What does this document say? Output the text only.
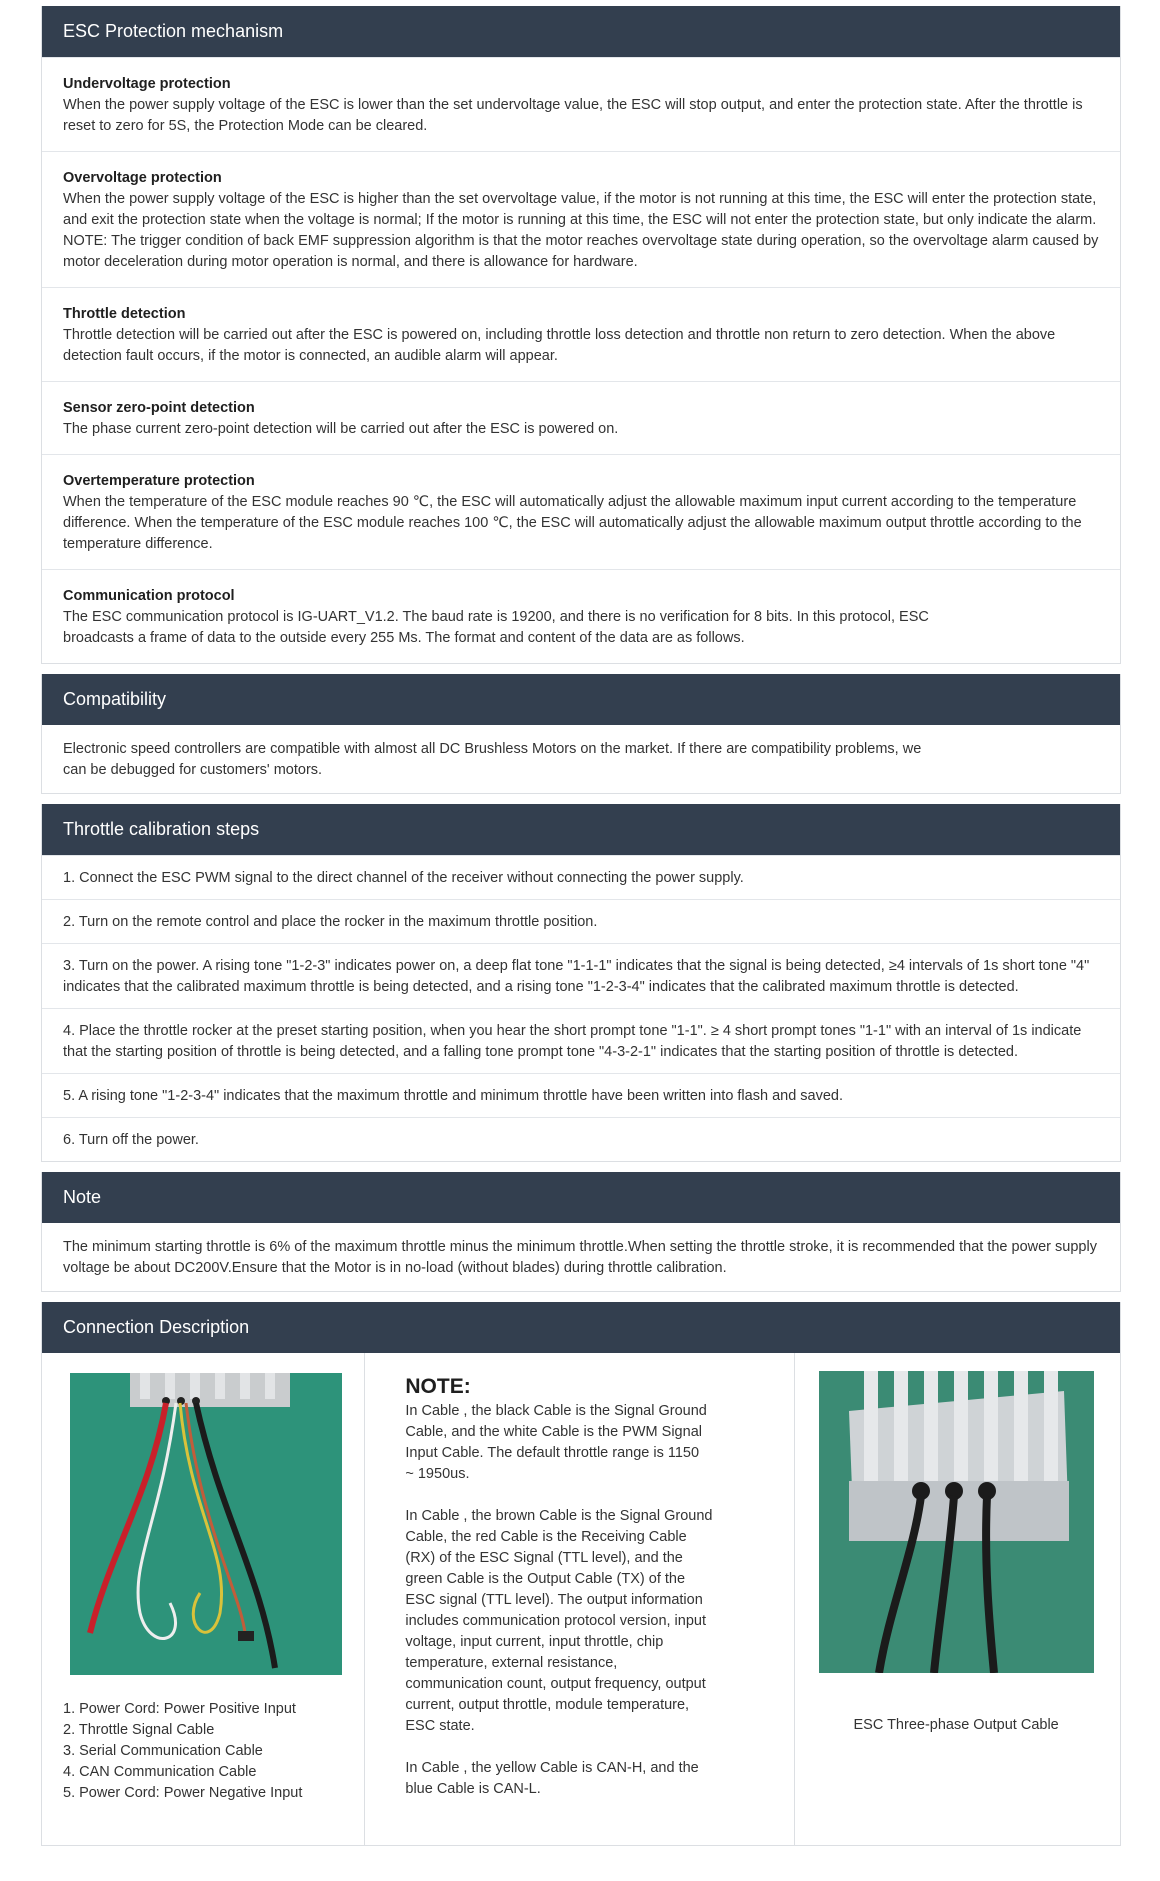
ESC Protection mechanism
Undervoltage protection
When the power supply voltage of the ESC is lower than the set undervoltage value, the ESC will stop output, and enter the protection state. After the throttle is reset to zero for 5S, the Protection Mode can be cleared.
Overvoltage protection
When the power supply voltage of the ESC is higher than the set overvoltage value, if the motor is not running at this time, the ESC will enter the protection state, and exit the protection state when the voltage is normal; If the motor is running at this time, the ESC will not enter the protection state, but only indicate the alarm.
NOTE: The trigger condition of back EMF suppression algorithm is that the motor reaches overvoltage state during operation, so the overvoltage alarm caused by motor deceleration during motor operation is normal, and there is allowance for hardware.
Throttle detection
Throttle detection will be carried out after the ESC is powered on, including throttle loss detection and throttle non return to zero detection. When the above detection fault occurs, if the motor is connected, an audible alarm will appear.
Sensor zero-point detection
The phase current zero-point detection will be carried out after the ESC is powered on.
Overtemperature protection
When the temperature of the ESC module reaches 90 ℃, the ESC will automatically adjust the allowable maximum input current according to the temperature difference. When the temperature of the ESC module reaches 100 ℃, the ESC will automatically adjust the allowable maximum output throttle according to the temperature difference.
Communication protocol
The ESC communication protocol is IG-UART_V1.2. The baud rate is 19200, and there is no verification for 8 bits. In this protocol, ESC
broadcasts a frame of data to the outside every 255 Ms. The format and content of the data are as follows.
Compatibility
Electronic speed controllers are compatible with almost all DC Brushless Motors on the market. If there are compatibility problems, we
can be debugged for customers' motors.
Throttle calibration steps
1. Connect the ESC PWM signal to the direct channel of the receiver without connecting the power supply.
2. Turn on the remote control and place the rocker in the maximum throttle position.
3. Turn on the power. A rising tone "1-2-3" indicates power on, a deep flat tone "1-1-1" indicates that the signal is being detected, ≥4 intervals of 1s short tone "4" indicates that the calibrated maximum throttle is being detected, and a rising tone "1-2-3-4" indicates that the calibrated maximum throttle is detected.
4. Place the throttle rocker at the preset starting position, when you hear the short prompt tone "1-1". ≥ 4 short prompt tones "1-1" with an interval of 1s indicate that the starting position of throttle is being detected, and a falling tone prompt tone "4-3-2-1" indicates that the starting position of throttle is detected.
5. A rising tone "1-2-3-4" indicates that the maximum throttle and minimum throttle have been written into flash and saved.
6. Turn off the power.
Note
The minimum starting throttle is 6% of the maximum throttle minus the minimum throttle.When setting the throttle stroke, it is recommended that the power supply voltage be about DC200V.Ensure that the Motor is in no-load (without blades) during throttle calibration.
Connection Description
1. Power Cord: Power Positive Input
2. Throttle Signal Cable
3. Serial Communication Cable
4. CAN Communication Cable
5. Power Cord: Power Negative Input
NOTE:
In Cable , the black Cable is the Signal Ground
Cable, and the white Cable is the PWM Signal
Input Cable. The default throttle range is 1150
~ 1950us.
In Cable , the brown Cable is the Signal Ground
Cable, the red Cable is the Receiving Cable
(RX) of the ESC Signal (TTL level), and the
green Cable is the Output Cable (TX) of the
ESC signal (TTL level). The output information
includes communication protocol version, input
voltage, input current, input throttle, chip
temperature, external resistance,
communication count, output frequency, output
current, output throttle, module temperature,
ESC state.
In Cable , the yellow Cable is CAN-H, and the
blue Cable is CAN-L.
ESC Three-phase Output Cable
